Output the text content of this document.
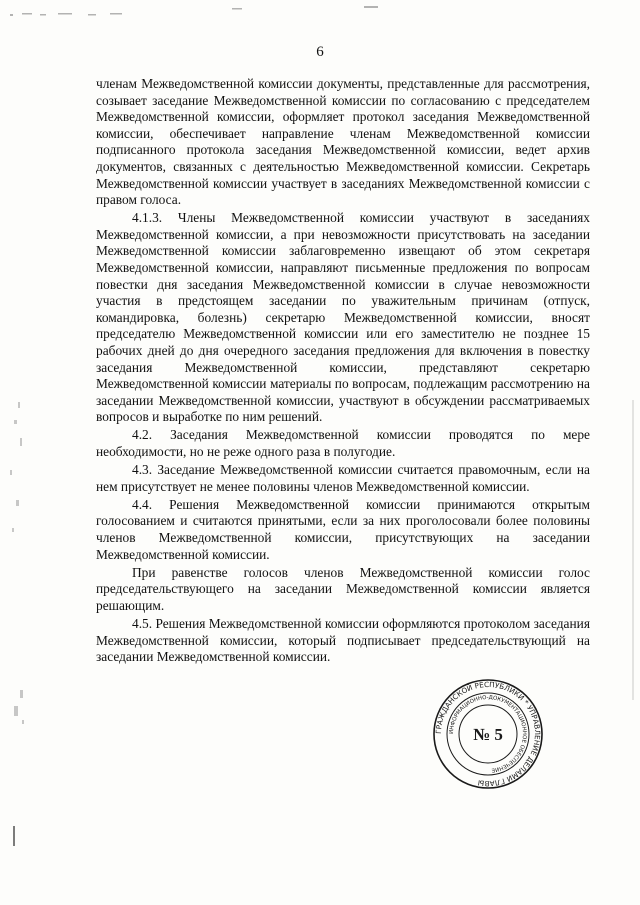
6

членам Межведомственной комиссии документы, представленные для рассмотрения, созывает заседание Межведомственной комиссии по согласованию с председателем Межведомственной комиссии, оформляет протокол заседания Межведомственной комиссии, обеспечивает направление членам Межведомственной комиссии подписанного протокола заседания Межведомственной комиссии, ведет архив документов, связанных с деятельностью Межведомственной комиссии. Секретарь Межведомственной комиссии участвует в заседаниях Межведомственной комиссии с правом голоса.

4.1.3. Члены Межведомственной комиссии участвуют в заседаниях Межведомственной комиссии, а при невозможности присутствовать на заседании Межведомственной комиссии заблаговременно извещают об этом секретаря Межведомственной комиссии, направляют письменные предложения по вопросам повестки дня заседания Межведомственной комиссии в случае невозможности участия в предстоящем заседании по уважительным причинам (отпуск, командировка, болезнь) секретарю Межведомственной комиссии, вносят председателю Межведомственной комиссии или его заместителю не позднее 15 рабочих дней до дня очередного заседания предложения для включения в повестку заседания Межведомственной комиссии, представляют секретарю Межведомственной комиссии материалы по вопросам, подлежащим рассмотрению на заседании Межведомственной комиссии, участвуют в обсуждении рассматриваемых вопросов и выработке по ним решений.

4.2. Заседания Межведомственной комиссии проводятся по мере необходимости, но не реже одного раза в полугодие.

4.3. Заседание Межведомственной комиссии считается правомочным, если на нем присутствует не менее половины членов Межведомственной комиссии.

4.4. Решения Межведомственной комиссии принимаются открытым голосованием и считаются принятыми, если за них проголосовали более половины членов Межведомственной комиссии, присутствующих на заседании Межведомственной комиссии.

При равенстве голосов членов Межведомственной комиссии голос председательствующего на заседании Межведомственной комиссии является решающим.

4.5. Решения Межведомственной комиссии оформляются протоколом заседания Межведомственной комиссии, который подписывает председательствующий на заседании Межведомственной комиссии.

ГРАЖДАНСКОЙ РЕСПУБЛИКИ * УПРАВЛЕНИЕ ДЕЛАМИ ГЛАВЫ
ИНФОРМАЦИОННО-ДОКУМЕНТАЦИОННОЕ ОБЕСПЕЧЕНИЕ
№ 5
